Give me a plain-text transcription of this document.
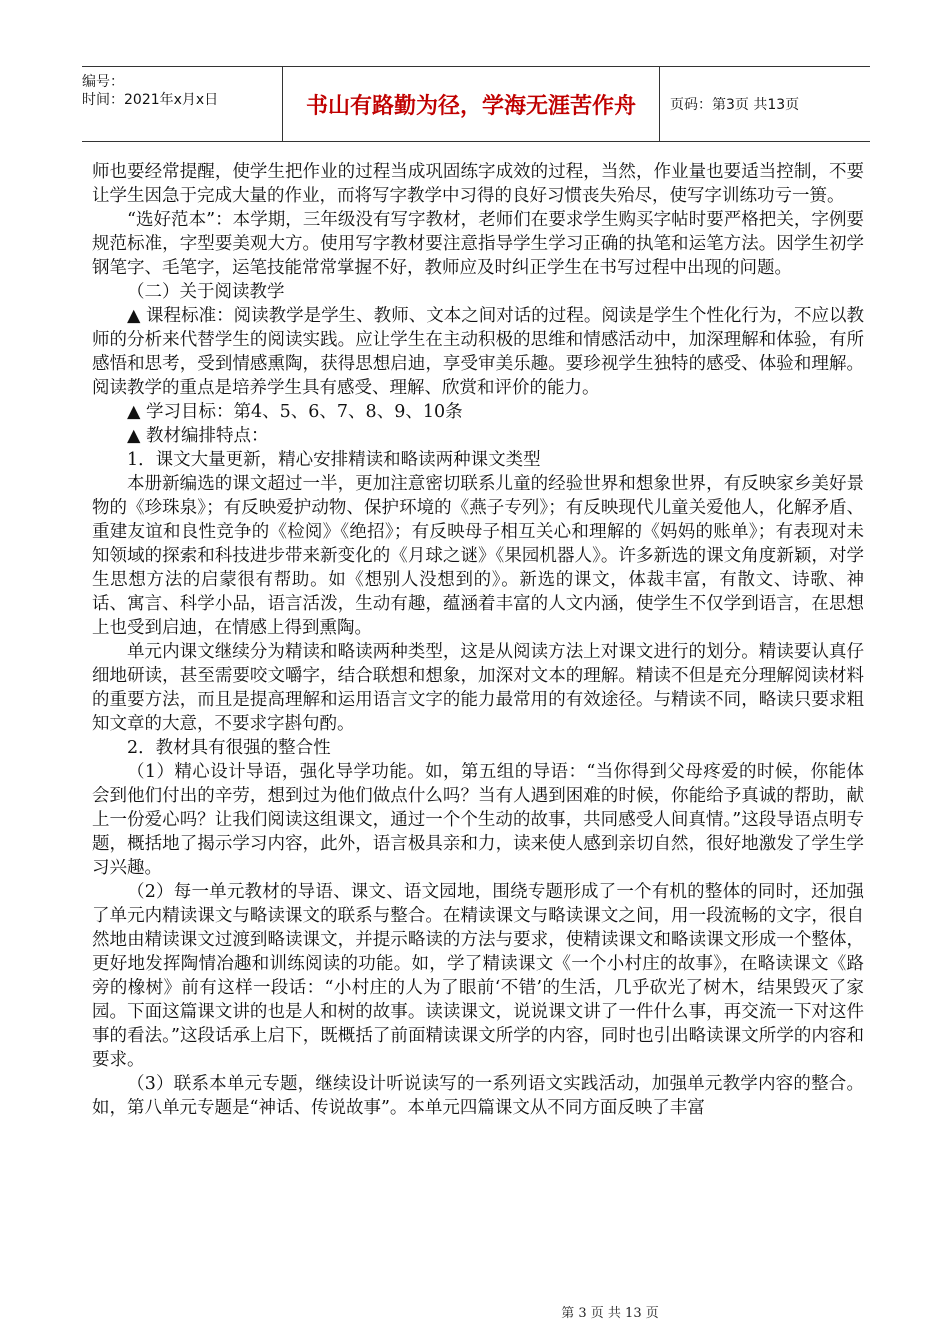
编号：
时间：2021年x月x日	书山有路勤为径，学海无涯苦作舟	页码：第3页 共13页

师也要经常提醒，使学生把作业的过程当成巩固练字成效的过程，当然，作业量也要适当控制，不要让学生因急于完成大量的作业，而将写字教学中习得的良好习惯丧失殆尽，使写字训练功亏一篑。

“选好范本”：本学期，三年级没有写字教材，老师们在要求学生购买字帖时要严格把关，字例要规范标准，字型要美观大方。使用写字教材要注意指导学生学习正确的执笔和运笔方法。因学生初学钢笔字、毛笔字，运笔技能常常掌握不好，教师应及时纠正学生在书写过程中出现的问题。

（二）关于阅读教学

▲ 课程标准：阅读教学是学生、教师、文本之间对话的过程。阅读是学生个性化行为，不应以教师的分析来代替学生的阅读实践。应让学生在主动积极的思维和情感活动中，加深理解和体验，有所感悟和思考，受到情感熏陶，获得思想启迪，享受审美乐趣。要珍视学生独特的感受、体验和理解。阅读教学的重点是培养学生具有感受、理解、欣赏和评价的能力。

▲ 学习目标：第4、5、6、7、8、9、10条

▲ 教材编排特点：

1．课文大量更新，精心安排精读和略读两种课文类型

本册新编选的课文超过一半，更加注意密切联系儿童的经验世界和想象世界，有反映家乡美好景物的《珍珠泉》；有反映爱护动物、保护环境的《燕子专列》；有反映现代儿童关爱他人，化解矛盾、重建友谊和良性竞争的《检阅》《绝招》；有反映母子相互关心和理解的《妈妈的账单》；有表现对未知领域的探索和科技进步带来新变化的《月球之谜》《果园机器人》。许多新选的课文角度新颖，对学生思想方法的启蒙很有帮助。如《想别人没想到的》。新选的课文，体裁丰富，有散文、诗歌、神话、寓言、科学小品，语言活泼，生动有趣，蕴涵着丰富的人文内涵，使学生不仅学到语言，在思想上也受到启迪，在情感上得到熏陶。

单元内课文继续分为精读和略读两种类型，这是从阅读方法上对课文进行的划分。精读要认真仔细地研读，甚至需要咬文嚼字，结合联想和想象，加深对文本的理解。精读不但是充分理解阅读材料的重要方法，而且是提高理解和运用语言文字的能力最常用的有效途径。与精读不同，略读只要求粗知文章的大意，不要求字斟句酌。

2．教材具有很强的整合性

（1）精心设计导语，强化导学功能。如，第五组的导语：“当你得到父母疼爱的时候，你能体会到他们付出的辛劳，想到过为他们做点什么吗？当有人遇到困难的时候，你能给予真诚的帮助，献上一份爱心吗？让我们阅读这组课文，通过一个个生动的故事，共同感受人间真情。”这段导语点明专题，概括地了揭示学习内容，此外，语言极具亲和力，读来使人感到亲切自然，很好地激发了学生学习兴趣。

（2）每一单元教材的导语、课文、语文园地，围绕专题形成了一个有机的整体的同时，还加强了单元内精读课文与略读课文的联系与整合。在精读课文与略读课文之间，用一段流畅的文字，很自然地由精读课文过渡到略读课文，并提示略读的方法与要求，使精读课文和略读课文形成一个整体，更好地发挥陶情冶趣和训练阅读的功能。如，学了精读课文《一个小村庄的故事》，在略读课文《路旁的橡树》前有这样一段话：“小村庄的人为了眼前‘不错’的生活，几乎砍光了树木，结果毁灭了家园。下面这篇课文讲的也是人和树的故事。读读课文，说说课文讲了一件什么事，再交流一下对这件事的看法。”这段话承上启下，既概括了前面精读课文所学的内容，同时也引出略读课文所学的内容和要求。

（3）联系本单元专题，继续设计听说读写的一系列语文实践活动，加强单元教学内容的整合。如，第八单元专题是“神话、传说故事”。本单元四篇课文从不同方面反映了丰富

第 3 页 共 13 页
